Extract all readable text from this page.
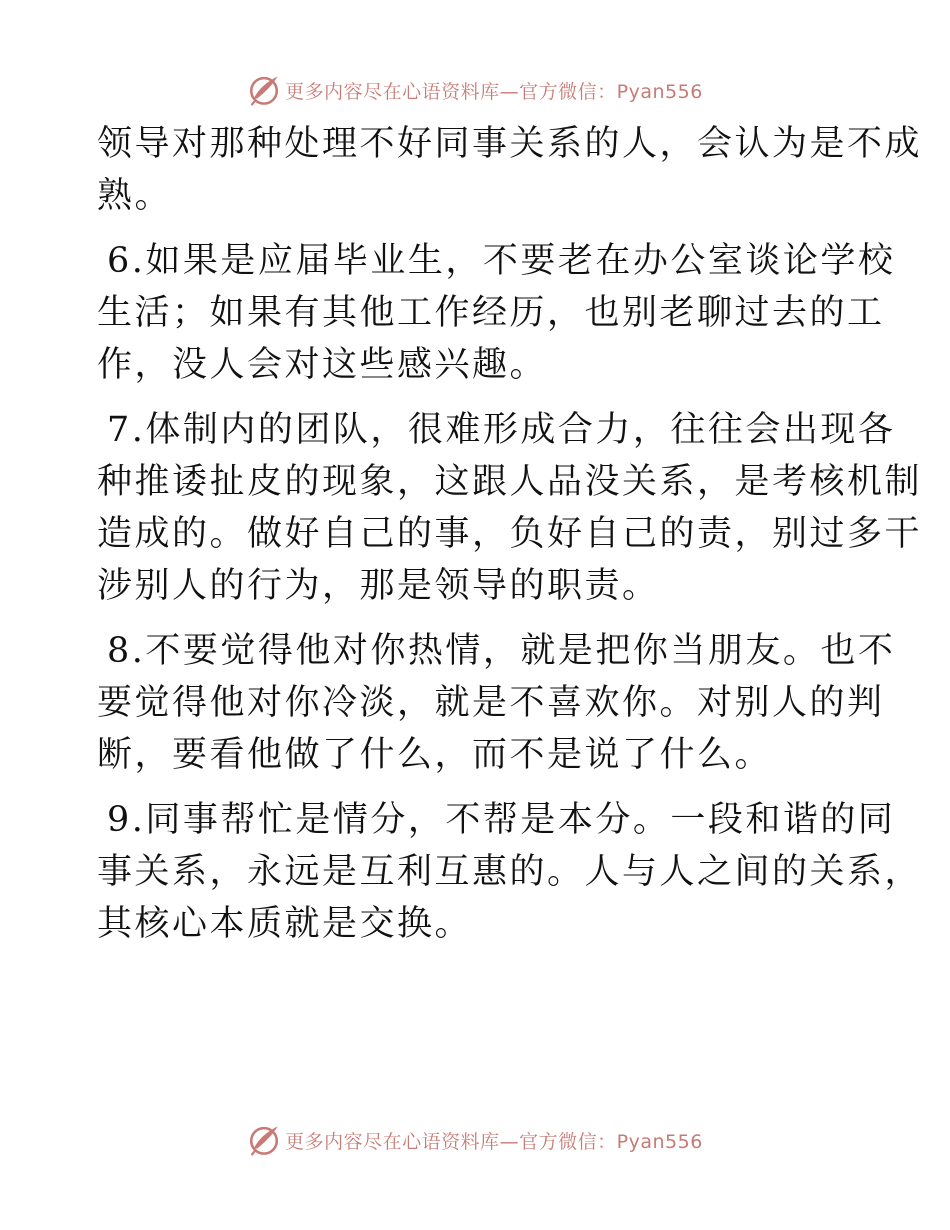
更多内容尽在心语资料库—官方微信：Pyan556
领导对那种处理不好同事关系的人，会认为是不成
熟。
6.如果是应届毕业生，不要老在办公室谈论学校
生活；如果有其他工作经历，也别老聊过去的工
作，没人会对这些感兴趣。
7.体制内的团队，很难形成合力，往往会出现各
种推诿扯皮的现象，这跟人品没关系，是考核机制
造成的。做好自己的事，负好自己的责，别过多干
涉别人的行为，那是领导的职责。
8.不要觉得他对你热情，就是把你当朋友。也不
要觉得他对你冷淡，就是不喜欢你。对别人的判
断，要看他做了什么，而不是说了什么。
9.同事帮忙是情分，不帮是本分。一段和谐的同
事关系，永远是互利互惠的。人与人之间的关系，
其核心本质就是交换。
更多内容尽在心语资料库—官方微信：Pyan556
